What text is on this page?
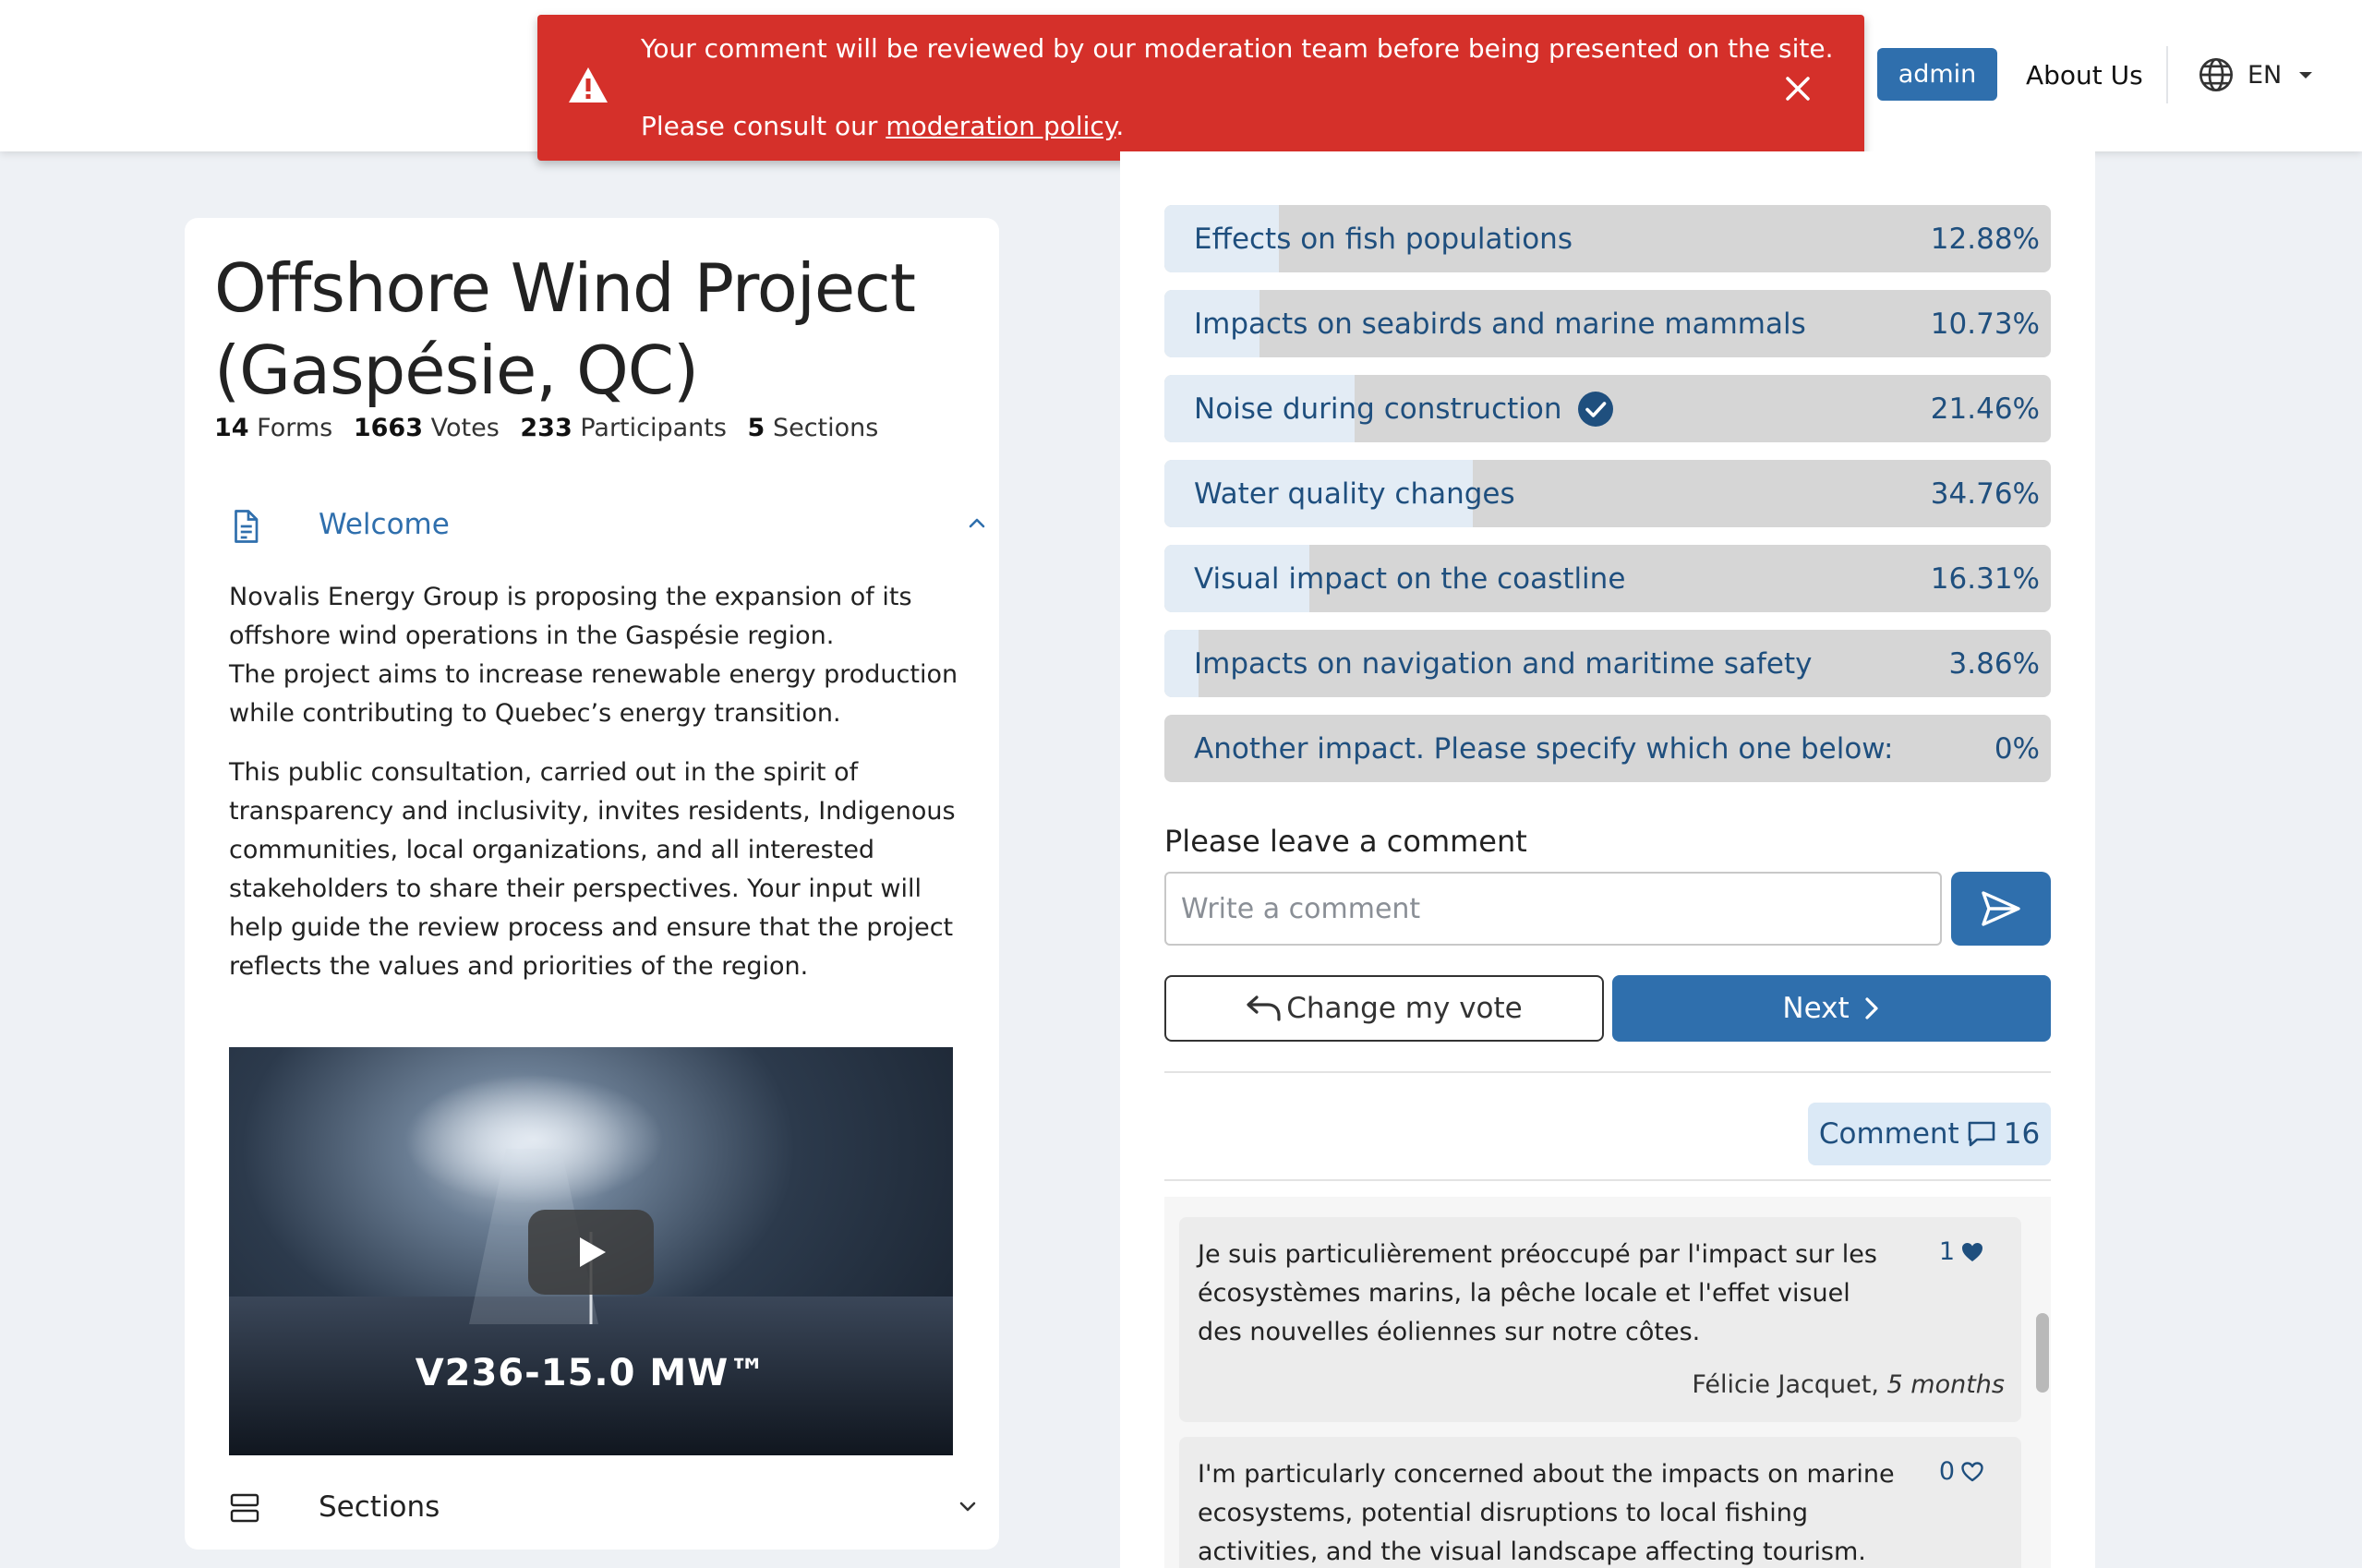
admin	About Us	EN
Your comment will be reviewed by our moderation team before being presented on the site.
Please consult our moderation policy.
Offshore Wind Project (Gaspésie, QC)
14 Forms 1663 Votes 233 Participants 5 Sections
Welcome
Novalis Energy Group is proposing the expansion of its offshore wind operations in the Gaspésie region.
The project aims to increase renewable energy production while contributing to Quebec’s energy transition.
This public consultation, carried out in the spirit of transparency and inclusivity, invites residents, Indigenous communities, local organizations, and all interested stakeholders to share their perspectives. Your input will help guide the review process and ensure that the project reflects the values and priorities of the region.
V236-15.0 MW™
Sections
Effects on fish populations	12.88%
Impacts on seabirds and marine mammals	10.73%
Noise during construction	21.46%
Water quality changes	34.76%
Visual impact on the coastline	16.31%
Impacts on navigation and maritime safety	3.86%
Another impact. Please specify which one below:	0%
Please leave a comment
Write a comment
Change my vote	Next
Comment 16
Je suis particulièrement préoccupé par l'impact sur les écosystèmes marins, la pêche locale et l'effet visuel des nouvelles éoliennes sur notre côtes.
1
Félicie Jacquet, 5 months
I'm particularly concerned about the impacts on marine ecosystems, potential disruptions to local fishing activities, and the visual landscape affecting tourism.
0
